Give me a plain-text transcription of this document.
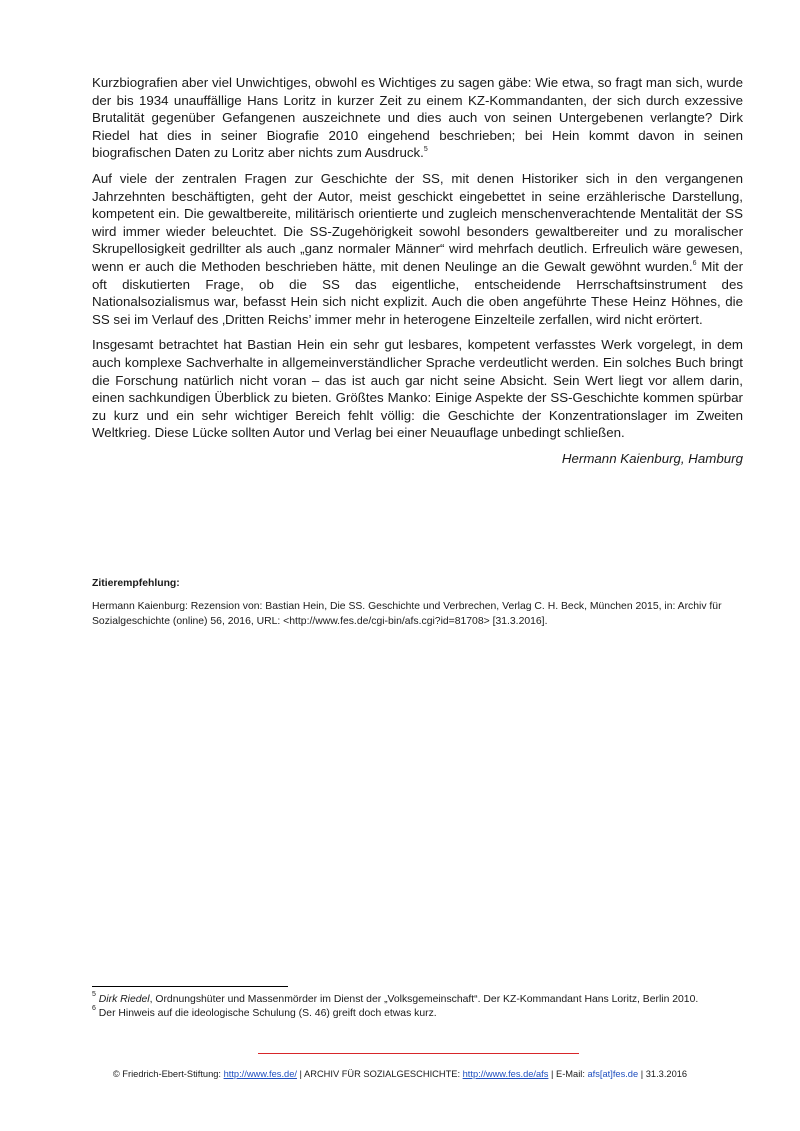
Kurzbiografien aber viel Unwichtiges, obwohl es Wichtiges zu sagen gäbe: Wie etwa, so fragt man sich, wurde der bis 1934 unauffällige Hans Loritz in kurzer Zeit zu einem KZ-Kommandanten, der sich durch exzessive Brutalität gegenüber Gefangenen auszeichnete und dies auch von seinen Untergebenen verlangte? Dirk Riedel hat dies in seiner Biografie 2010 eingehend beschrieben; bei Hein kommt davon in seinen biografischen Daten zu Loritz aber nichts zum Ausdruck.$^5$

Auf viele der zentralen Fragen zur Geschichte der SS, mit denen Historiker sich in den vergangenen Jahrzehnten beschäftigten, geht der Autor, meist geschickt eingebettet in seine erzählerische Darstellung, kompetent ein. Die gewaltbereite, militärisch orientierte und zugleich menschenverachtende Mentalität der SS wird immer wieder beleuchtet. Die SS-Zugehörigkeit sowohl besonders gewaltbereiter und zu moralischer Skrupellosigkeit gedrillter als auch „ganz normaler Männer“ wird mehrfach deutlich. Erfreulich wäre gewesen, wenn er auch die Methoden beschrieben hätte, mit denen Neulinge an die Gewalt gewöhnt wurden.$^6$ Mit der oft diskutierten Frage, ob die SS das eigentliche, entscheidende Herrschaftsinstrument des Nationalsozialismus war, befasst Hein sich nicht explizit. Auch die oben angeführte These Heinz Höhnes, die SS sei im Verlauf des ‚Dritten Reichs’ immer mehr in heterogene Einzelteile zerfallen, wird nicht erörtert.

Insgesamt betrachtet hat Bastian Hein ein sehr gut lesbares, kompetent verfasstes Werk vorgelegt, in dem auch komplexe Sachverhalte in allgemeinverständlicher Sprache verdeutlicht werden. Ein solches Buch bringt die Forschung natürlich nicht voran – das ist auch gar nicht seine Absicht. Sein Wert liegt vor allem darin, einen sachkundigen Überblick zu bieten. Größtes Manko: Einige Aspekte der SS-Geschichte kommen spürbar zu kurz und ein sehr wichtiger Bereich fehlt völlig: die Geschichte der Konzentrationslager im Zweiten Weltkrieg. Diese Lücke sollten Autor und Verlag bei einer Neuauflage unbedingt schließen.

Hermann Kaienburg, Hamburg

Zitierempfehlung:

Hermann Kaienburg: Rezension von: Bastian Hein, Die SS. Geschichte und Verbrechen, Verlag C. H. Beck, München 2015, in: Archiv für Sozialgeschichte (online) 56, 2016, URL: <http://www.fes.de/cgi-bin/afs.cgi?id=81708> [31.3.2016].

$^5$ Dirk Riedel, Ordnungshüter und Massenmörder im Dienst der „Volksgemeinschaft“. Der KZ-Kommandant Hans Loritz, Berlin 2010.

$^6$ Der Hinweis auf die ideologische Schulung (S. 46) greift doch etwas kurz.

© Friedrich-Ebert-Stiftung: http://www.fes.de/ | ARCHIV FÜR SOZIALGESCHICHTE: http://www.fes.de/afs | E-Mail: afs[at]fes.de | 31.3.2016
